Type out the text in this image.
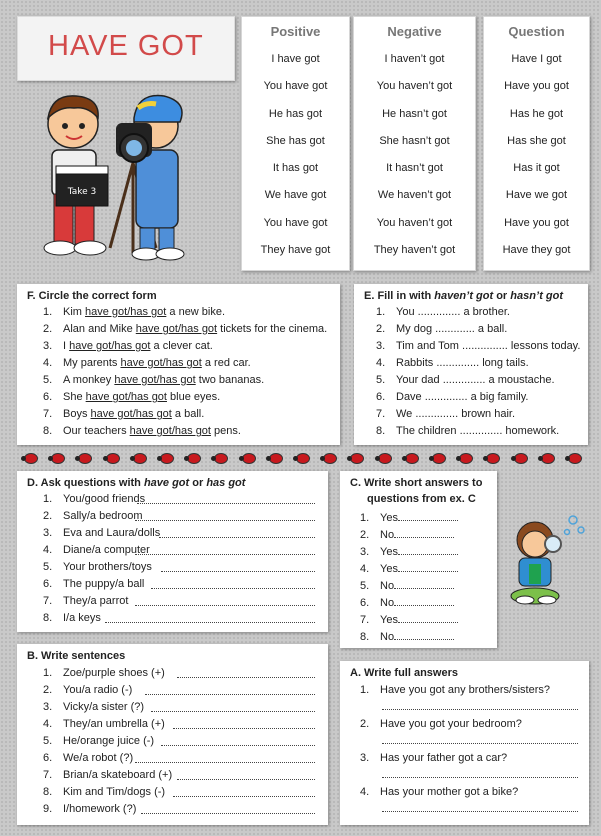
HAVE GOT
Take 3
Positive
I have got
You have got
He has got
She has got
It has got
We have got
You have got
They have got
Negative
I haven’t got
You haven’t got
He hasn’t got
She hasn’t got
It hasn’t got
We haven’t got
You haven’t got
They haven’t got
Question
Have I got
Have you got
Has he got
Has she got
Has it got
Have we got
Have you got
Have they got
F. Circle the correct form
1. Kim have got/has got a new bike.
2. Alan and Mike have got/has got tickets for the cinema.
3. I have got/has got a clever cat.
4. My parents have got/has got a red car.
5. A monkey have got/has got two bananas.
6. She have got/has got blue eyes.
7. Boys have got/has got a ball.
8. Our teachers have got/has got pens.
E. Fill in with haven’t got or hasn’t got
1. You .............. a brother.
2. My dog ............. a ball.
3. Tim and Tom ............... lessons today.
4. Rabbits .............. long tails.
5. Your dad .............. a moustache.
6. Dave .............. a big family.
7. We .............. brown hair.
8. The children .............. homework.
D. Ask questions with have got or has got
1. You/good friends
2. Sally/a bedroom
3. Eva and Laura/dolls
4. Diane/a computer
5. Your brothers/toys
6. The puppy/a ball
7. They/a parrot
8. I/a keys
C. Write short answers to
questions from ex. C
1. Yes
2. No
3. Yes
4. Yes
5. No
6. No
7. Yes
8. No
B. Write sentences
1. Zoe/purple shoes (+)
2. You/a radio (-)
3. Vicky/a sister (?)
4. They/an umbrella (+)
5. He/orange juice (-)
6. We/a robot (?)
7. Brian/a skateboard (+)
8. Kim and Tim/dogs (-)
9. I/homework (?)
A. Write full answers
1. Have you got any brothers/sisters?
2. Have you got your bedroom?
3. Has your father got a car?
4. Has your mother got a bike?
